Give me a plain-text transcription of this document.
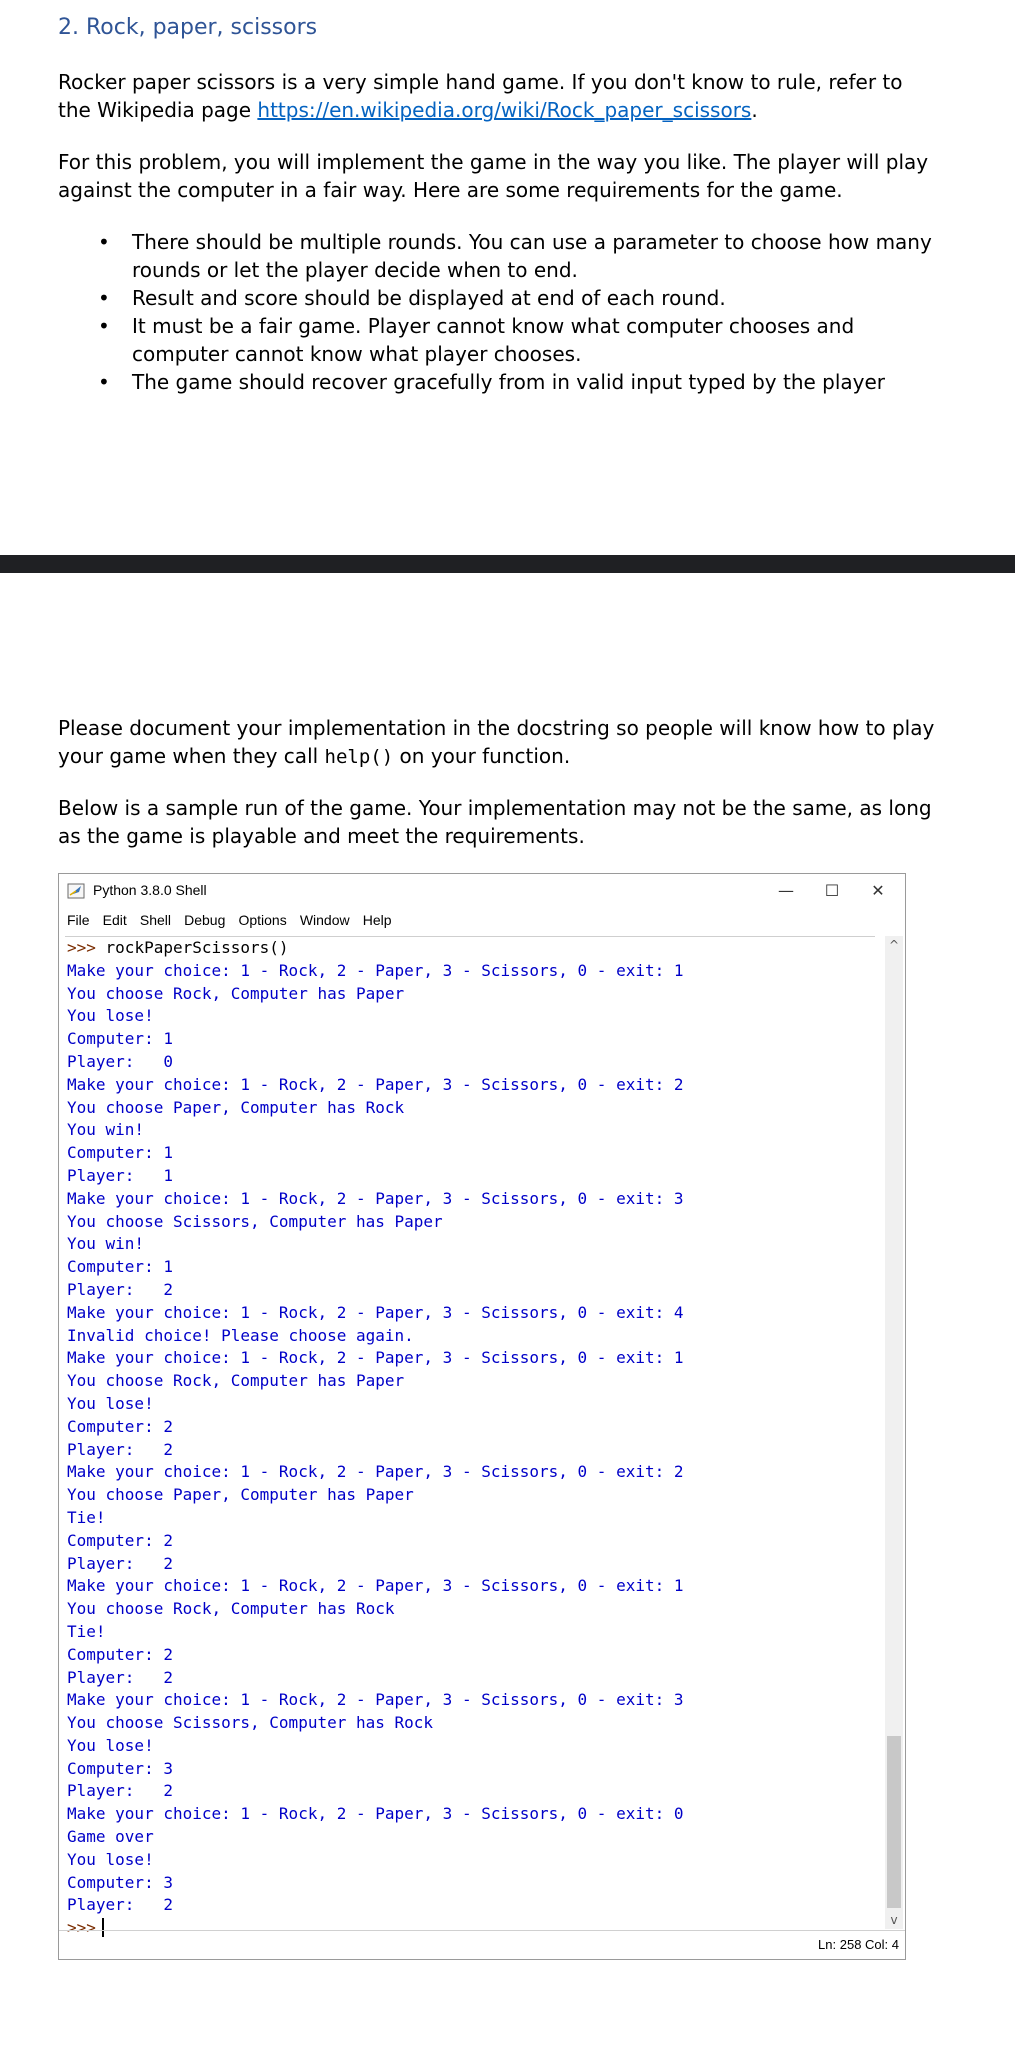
2. Rock, paper, scissors
Rocker paper scissors is a very simple hand game. If you don't know to rule, refer to the Wikipedia page https://en.wikipedia.org/wiki/Rock_paper_scissors.
For this problem, you will implement the game in the way you like. The player will play against the computer in a fair way. Here are some requirements for the game.
• There should be multiple rounds. You can use a parameter to choose how many rounds or let the player decide when to end.
• Result and score should be displayed at end of each round.
• It must be a fair game. Player cannot know what computer chooses and computer cannot know what player chooses.
• The game should recover gracefully from in valid input typed by the player
Please document your implementation in the docstring so people will know how to play your game when they call help() on your function.
Below is a sample run of the game. Your implementation may not be the same, as long as the game is playable and meet the requirements.
Python 3.8.0 Shell	—	☐	✕
File Edit Shell Debug Options Window Help
>>> rockPaperScissors()
Make your choice: 1 - Rock, 2 - Paper, 3 - Scissors, 0 - exit: 1
You choose Rock, Computer has Paper
You lose!
Computer: 1
Player:   0
Make your choice: 1 - Rock, 2 - Paper, 3 - Scissors, 0 - exit: 2
You choose Paper, Computer has Rock
You win!
Computer: 1
Player:   1
Make your choice: 1 - Rock, 2 - Paper, 3 - Scissors, 0 - exit: 3
You choose Scissors, Computer has Paper
You win!
Computer: 1
Player:   2
Make your choice: 1 - Rock, 2 - Paper, 3 - Scissors, 0 - exit: 4
Invalid choice! Please choose again.
Make your choice: 1 - Rock, 2 - Paper, 3 - Scissors, 0 - exit: 1
You choose Rock, Computer has Paper
You lose!
Computer: 2
Player:   2
Make your choice: 1 - Rock, 2 - Paper, 3 - Scissors, 0 - exit: 2
You choose Paper, Computer has Paper
Tie!
Computer: 2
Player:   2
Make your choice: 1 - Rock, 2 - Paper, 3 - Scissors, 0 - exit: 1
You choose Rock, Computer has Rock
Tie!
Computer: 2
Player:   2
Make your choice: 1 - Rock, 2 - Paper, 3 - Scissors, 0 - exit: 3
You choose Scissors, Computer has Rock
You lose!
Computer: 3
Player:   2
Make your choice: 1 - Rock, 2 - Paper, 3 - Scissors, 0 - exit: 0
Game over
You lose!
Computer: 3
Player:   2
>>>
^
v
Ln: 258 Col: 4
